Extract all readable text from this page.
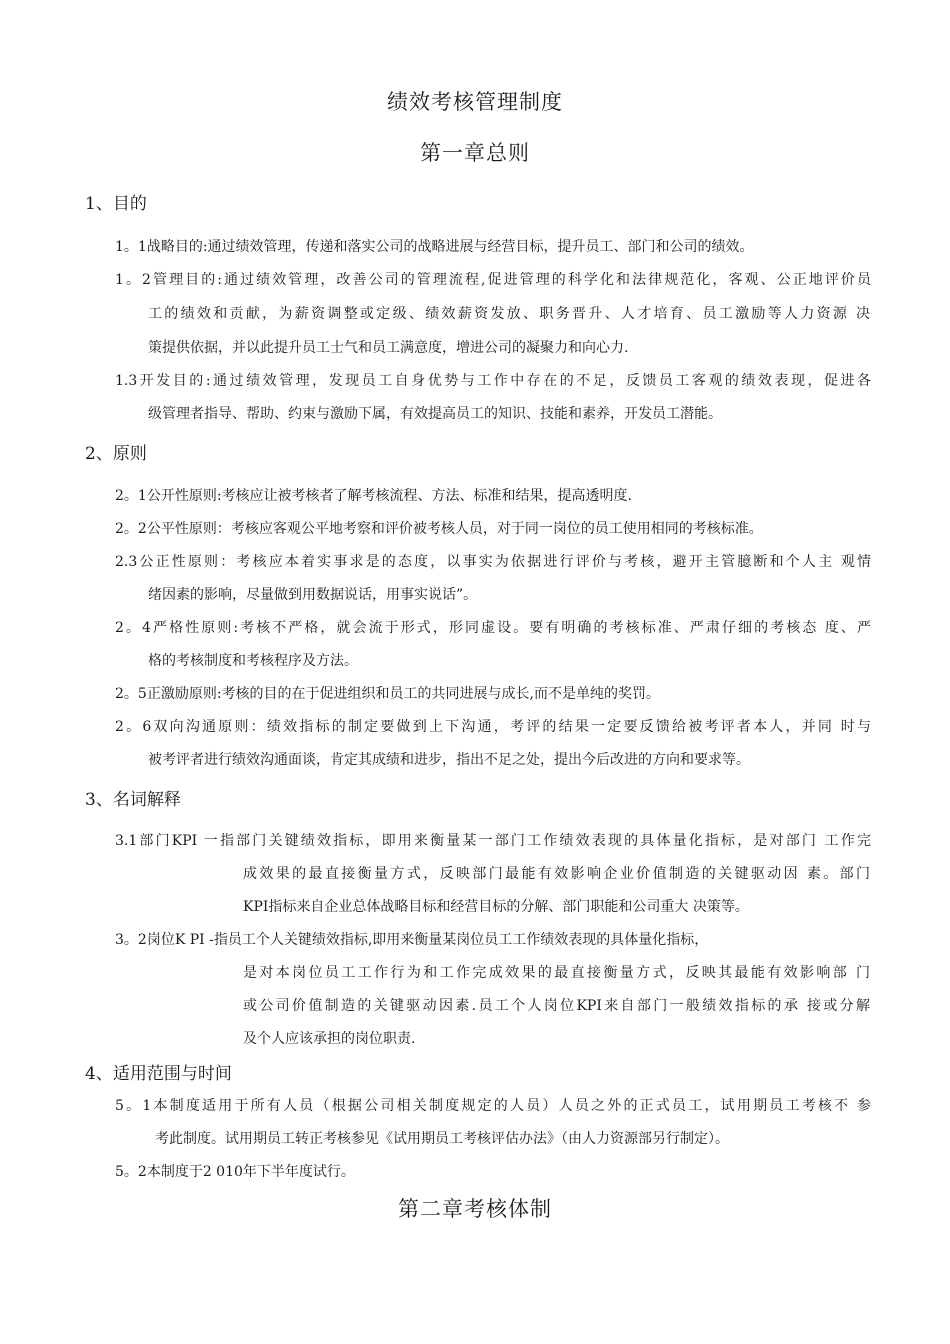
绩效考核管理制度
第一章总则
1、目的
1。1战略目的:通过绩效管理，传递和落实公司的战略进展与经营目标，提升员工、部门和公司的绩效。
1。2管理目的:通过绩效管理，改善公司的管理流程,促进管理的科学化和法律规范化，客观、公正地评价员
工的绩效和贡献，为薪资调整或定级、绩效薪资发放、职务晋升、人才培育、员工激励等人力资源 决
策提供依据，并以此提升员工士气和员工满意度，增进公司的凝聚力和向心力.
1.3开发目的:通过绩效管理，发现员工自身优势与工作中存在的不足，反馈员工客观的绩效表现，促进各
级管理者指导、帮助、约束与激励下属，有效提高员工的知识、技能和素养，开发员工潜能。
2、原则
2。1公开性原则:考核应让被考核者了解考核流程、方法、标准和结果，提高透明度.
2。2公平性原则：考核应客观公平地考察和评价被考核人员，对于同一岗位的员工使用相同的考核标准。
2.3公正性原则：考核应本着实事求是的态度，以事实为依据进行评价与考核，避开主管臆断和个人主 观情
绪因素的影响，尽量做到用数据说话，用事实说话”。
2。4严格性原则:考核不严格，就会流于形式，形同虚设。要有明确的考核标准、严肃仔细的考核态 度、严
格的考核制度和考核程序及方法。
2。5正激励原则:考核的目的在于促进组织和员工的共同进展与成长,而不是单纯的奖罚。
2。6双向沟通原则：绩效指标的制定要做到上下沟通，考评的结果一定要反馈给被考评者本人，并同 时与
被考评者进行绩效沟通面谈，肯定其成绩和进步，指出不足之处，提出今后改进的方向和要求等。
3、名词解释
3.1部门KPI 一指部门关键绩效指标，即用来衡量某一部门工作绩效表现的具体量化指标，是对部门 工作完
成效果的最直接衡量方式，反映部门最能有效影响企业价值制造的关键驱动因 素。部门
KPI指标来自企业总体战略目标和经营目标的分解、部门职能和公司重大 决策等。
3。2岗位K PI -指员工个人关键绩效指标,即用来衡量某岗位员工工作绩效表现的具体量化指标，
是对本岗位员工工作行为和工作完成效果的最直接衡量方式，反映其最能有效影响部 门
或公司价值制造的关键驱动因素.员工个人岗位KPI来自部门一般绩效指标的承 接或分解
及个人应该承担的岗位职责.
4、适用范围与时间
5。1本制度适用于所有人员（根据公司相关制度规定的人员）人员之外的正式员工，试用期员工考核不 参
考此制度。试用期员工转正考核参见《试用期员工考核评估办法》（由人力资源部另行制定）。
5。2本制度于2 010年下半年度试行。
第二章考核体制
